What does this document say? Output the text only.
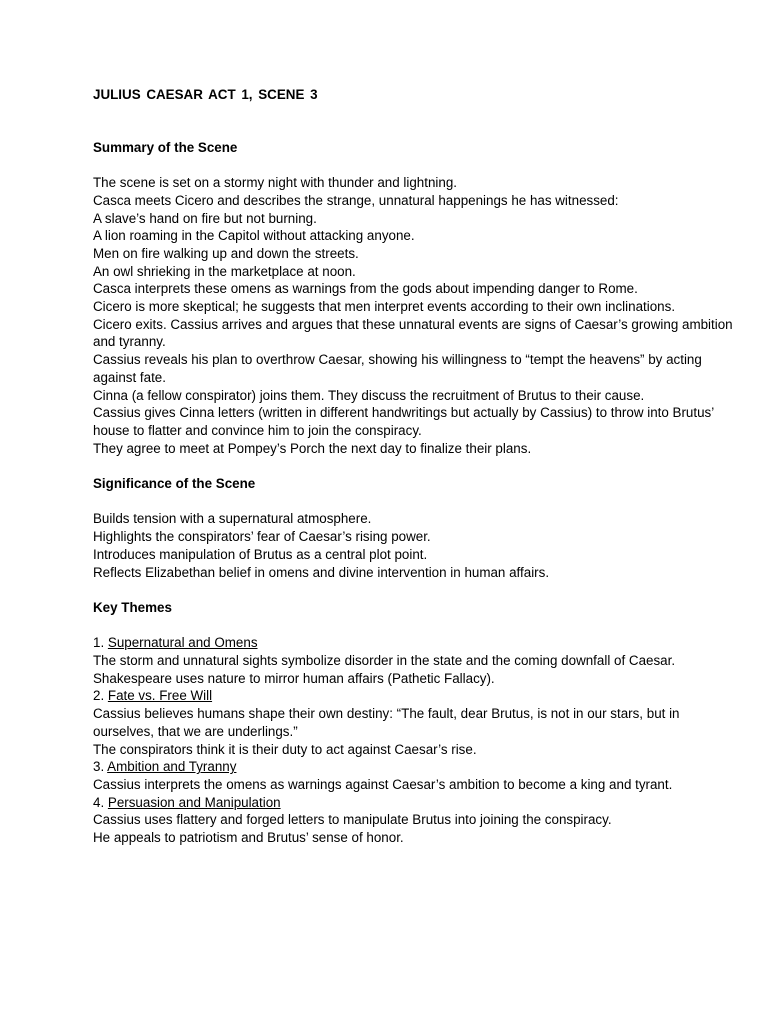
JULIUS CAESAR ACT 1, SCENE 3

Summary of the Scene

The scene is set on a stormy night with thunder and lightning.

Casca meets Cicero and describes the strange, unnatural happenings he has witnessed:

A slave’s hand on fire but not burning.

A lion roaming in the Capitol without attacking anyone.

Men on fire walking up and down the streets.

An owl shrieking in the marketplace at noon.

Casca interprets these omens as warnings from the gods about impending danger to Rome.

Cicero is more skeptical; he suggests that men interpret events according to their own inclinations.

Cicero exits. Cassius arrives and argues that these unnatural events are signs of Caesar’s growing ambition and tyranny.

Cassius reveals his plan to overthrow Caesar, showing his willingness to “tempt the heavens” by acting against fate.

Cinna (a fellow conspirator) joins them. They discuss the recruitment of Brutus to their cause.

Cassius gives Cinna letters (written in different handwritings but actually by Cassius) to throw into Brutus’ house to flatter and convince him to join the conspiracy.

They agree to meet at Pompey’s Porch the next day to finalize their plans.

Significance of the Scene

Builds tension with a supernatural atmosphere.

Highlights the conspirators’ fear of Caesar’s rising power.

Introduces manipulation of Brutus as a central plot point.

Reflects Elizabethan belief in omens and divine intervention in human affairs.

Key Themes

1. Supernatural and Omens

The storm and unnatural sights symbolize disorder in the state and the coming downfall of Caesar.

Shakespeare uses nature to mirror human affairs (Pathetic Fallacy).

2. Fate vs. Free Will

Cassius believes humans shape their own destiny: “The fault, dear Brutus, is not in our stars, but in ourselves, that we are underlings.”

The conspirators think it is their duty to act against Caesar’s rise.

3. Ambition and Tyranny

Cassius interprets the omens as warnings against Caesar’s ambition to become a king and tyrant.

4. Persuasion and Manipulation

Cassius uses flattery and forged letters to manipulate Brutus into joining the conspiracy.

He appeals to patriotism and Brutus’ sense of honor.
